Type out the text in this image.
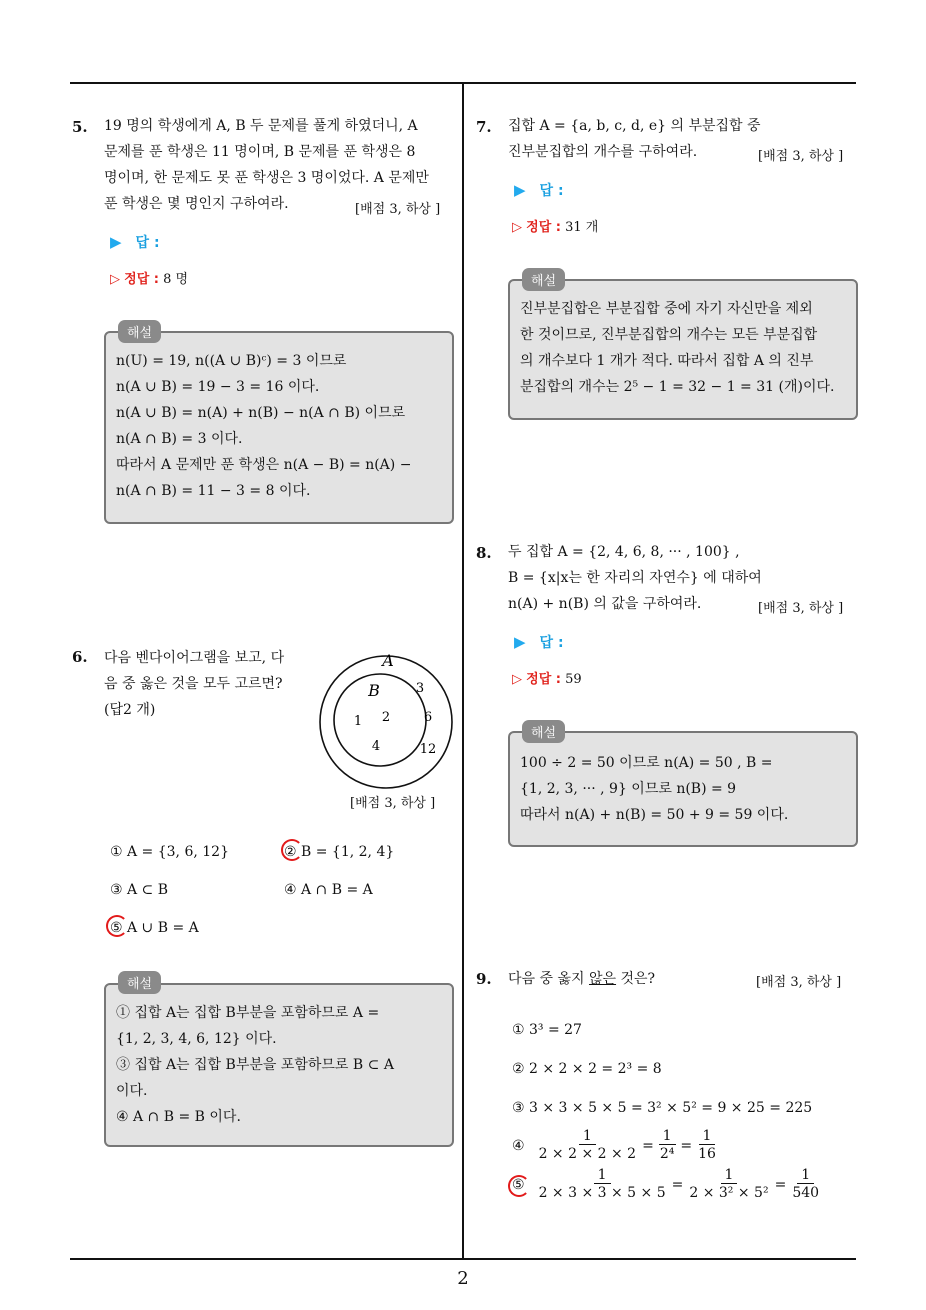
5. 19 명의 학생에게 A, B 두 문제를 풀게 하였더니, A
문제를 푼 학생은 11 명이며, B 문제를 푼 학생은 8
명이며, 한 문제도 못 푼 학생은 3 명이었다. A 문제만
푼 학생은 몇 명인지 구하여라.	[배점 3, 하상 ]
▶ 답 :
▷ 정답 : 8 명
해설
n(U) = 19, n((A ∪ B)ᶜ) = 3 이므로
n(A ∪ B) = 19 − 3 = 16 이다.
n(A ∪ B) = n(A) + n(B) − n(A ∩ B) 이므로
n(A ∩ B) = 3 이다.
따라서 A 문제만 푼 학생은 n(A − B) = n(A) −
n(A ∩ B) = 11 − 3 = 8 이다.
6. 다음 벤다이어그램을 보고, 다
음 중 옳은 것을 모두 고르면?
(답2 개)
A
B
1 2
4
3
6
12
[배점 3, 하상 ]
① A = {3, 6, 12}	② B = {1, 2, 4}
③ A ⊂ B	④ A ∩ B = A
⑤ A ∪ B = A
해설
① 집합 A는 집합 B부분을 포함하므로 A =
{1, 2, 3, 4, 6, 12} 이다.
③ 집합 A는 집합 B부분을 포함하므로 B ⊂ A
이다.
④ A ∩ B = B 이다.
7. 집합 A = {a, b, c, d, e} 의 부분집합 중
진부분집합의 개수를 구하여라.	[배점 3, 하상 ]
▶ 답 :
▷ 정답 : 31 개
해설
진부분집합은 부분집합 중에 자기 자신만을 제외
한 것이므로, 진부분집합의 개수는 모든 부분집합
의 개수보다 1 개가 적다. 따라서 집합 A 의 진부
분집합의 개수는 2⁵ − 1 = 32 − 1 = 31 (개)이다.
8. 두 집합 A = {2, 4, 6, 8, ··· , 100} ,
B = {x|x는 한 자리의 자연수} 에 대하여
n(A) + n(B) 의 값을 구하여라.	[배점 3, 하상 ]
▶ 답 :
▷ 정답 : 59
해설
100 ÷ 2 = 50 이므로 n(A) = 50 , B =
{1, 2, 3, ··· , 9} 이므로 n(B) = 9
따라서 n(A) + n(B) = 50 + 9 = 59 이다.
9. 다음 중 옳지 않은 것은?	[배점 3, 하상 ]
① 3³ = 27
② 2 × 2 × 2 = 2³ = 8
③ 3 × 3 × 5 × 5 = 3² × 5² = 9 × 25 = 225
④ $\frac{1}{2 \times 2 \times 2 \times 2} = \frac{1}{\text{2⁴}} = \frac{1}{16}$
⑤ $\frac{1}{2 \times 3 \times 3 \times 5 \times 5} = \frac{1}{\text{2 × 3² × 5²}} = \frac{1}{540}$
2
